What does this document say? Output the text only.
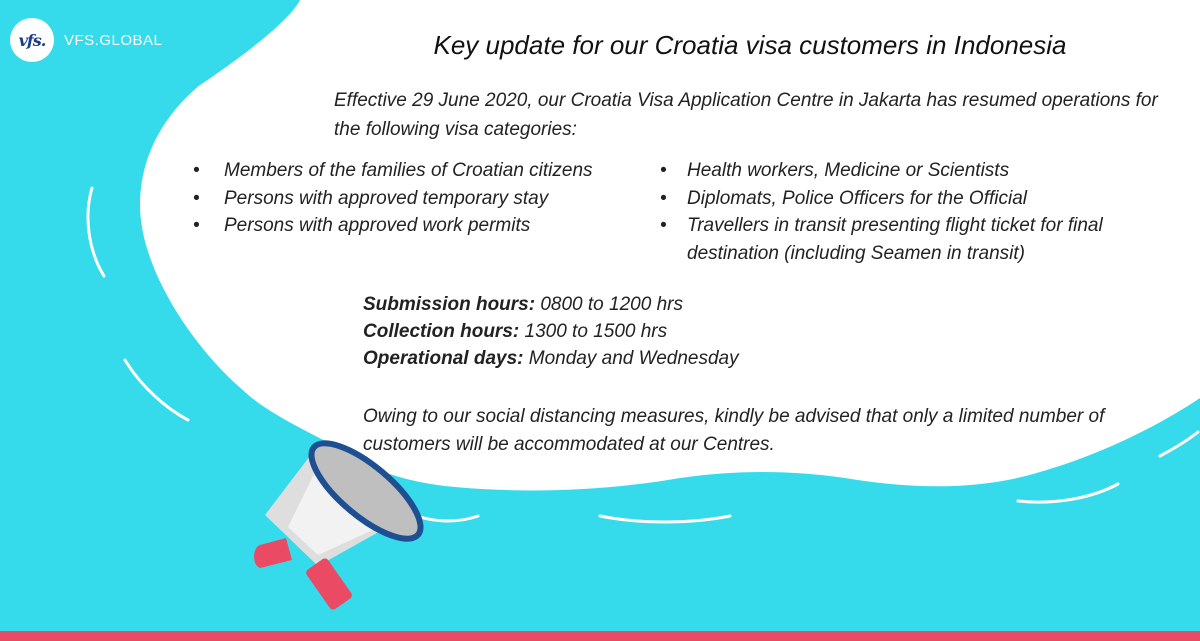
vfs.	VFS.GLOBAL	Key update for our Croatia visa customers in Indonesia
Effective 29 June 2020, our Croatia Visa Application Centre in Jakarta has resumed operations for the following visa categories:
• Members of the families of Croatian citizens
• Persons with approved temporary stay
• Persons with approved work permits
• Health workers, Medicine or Scientists
• Diplomats, Police Officers for the Official
• Travellers in transit presenting flight ticket for final destination (including Seamen in transit)
Submission hours: 0800 to 1200 hrs
Collection hours: 1300 to 1500 hrs
Operational days: Monday and Wednesday
Owing to our social distancing measures, kindly be advised that only a limited number of customers will be accommodated at our Centres.
